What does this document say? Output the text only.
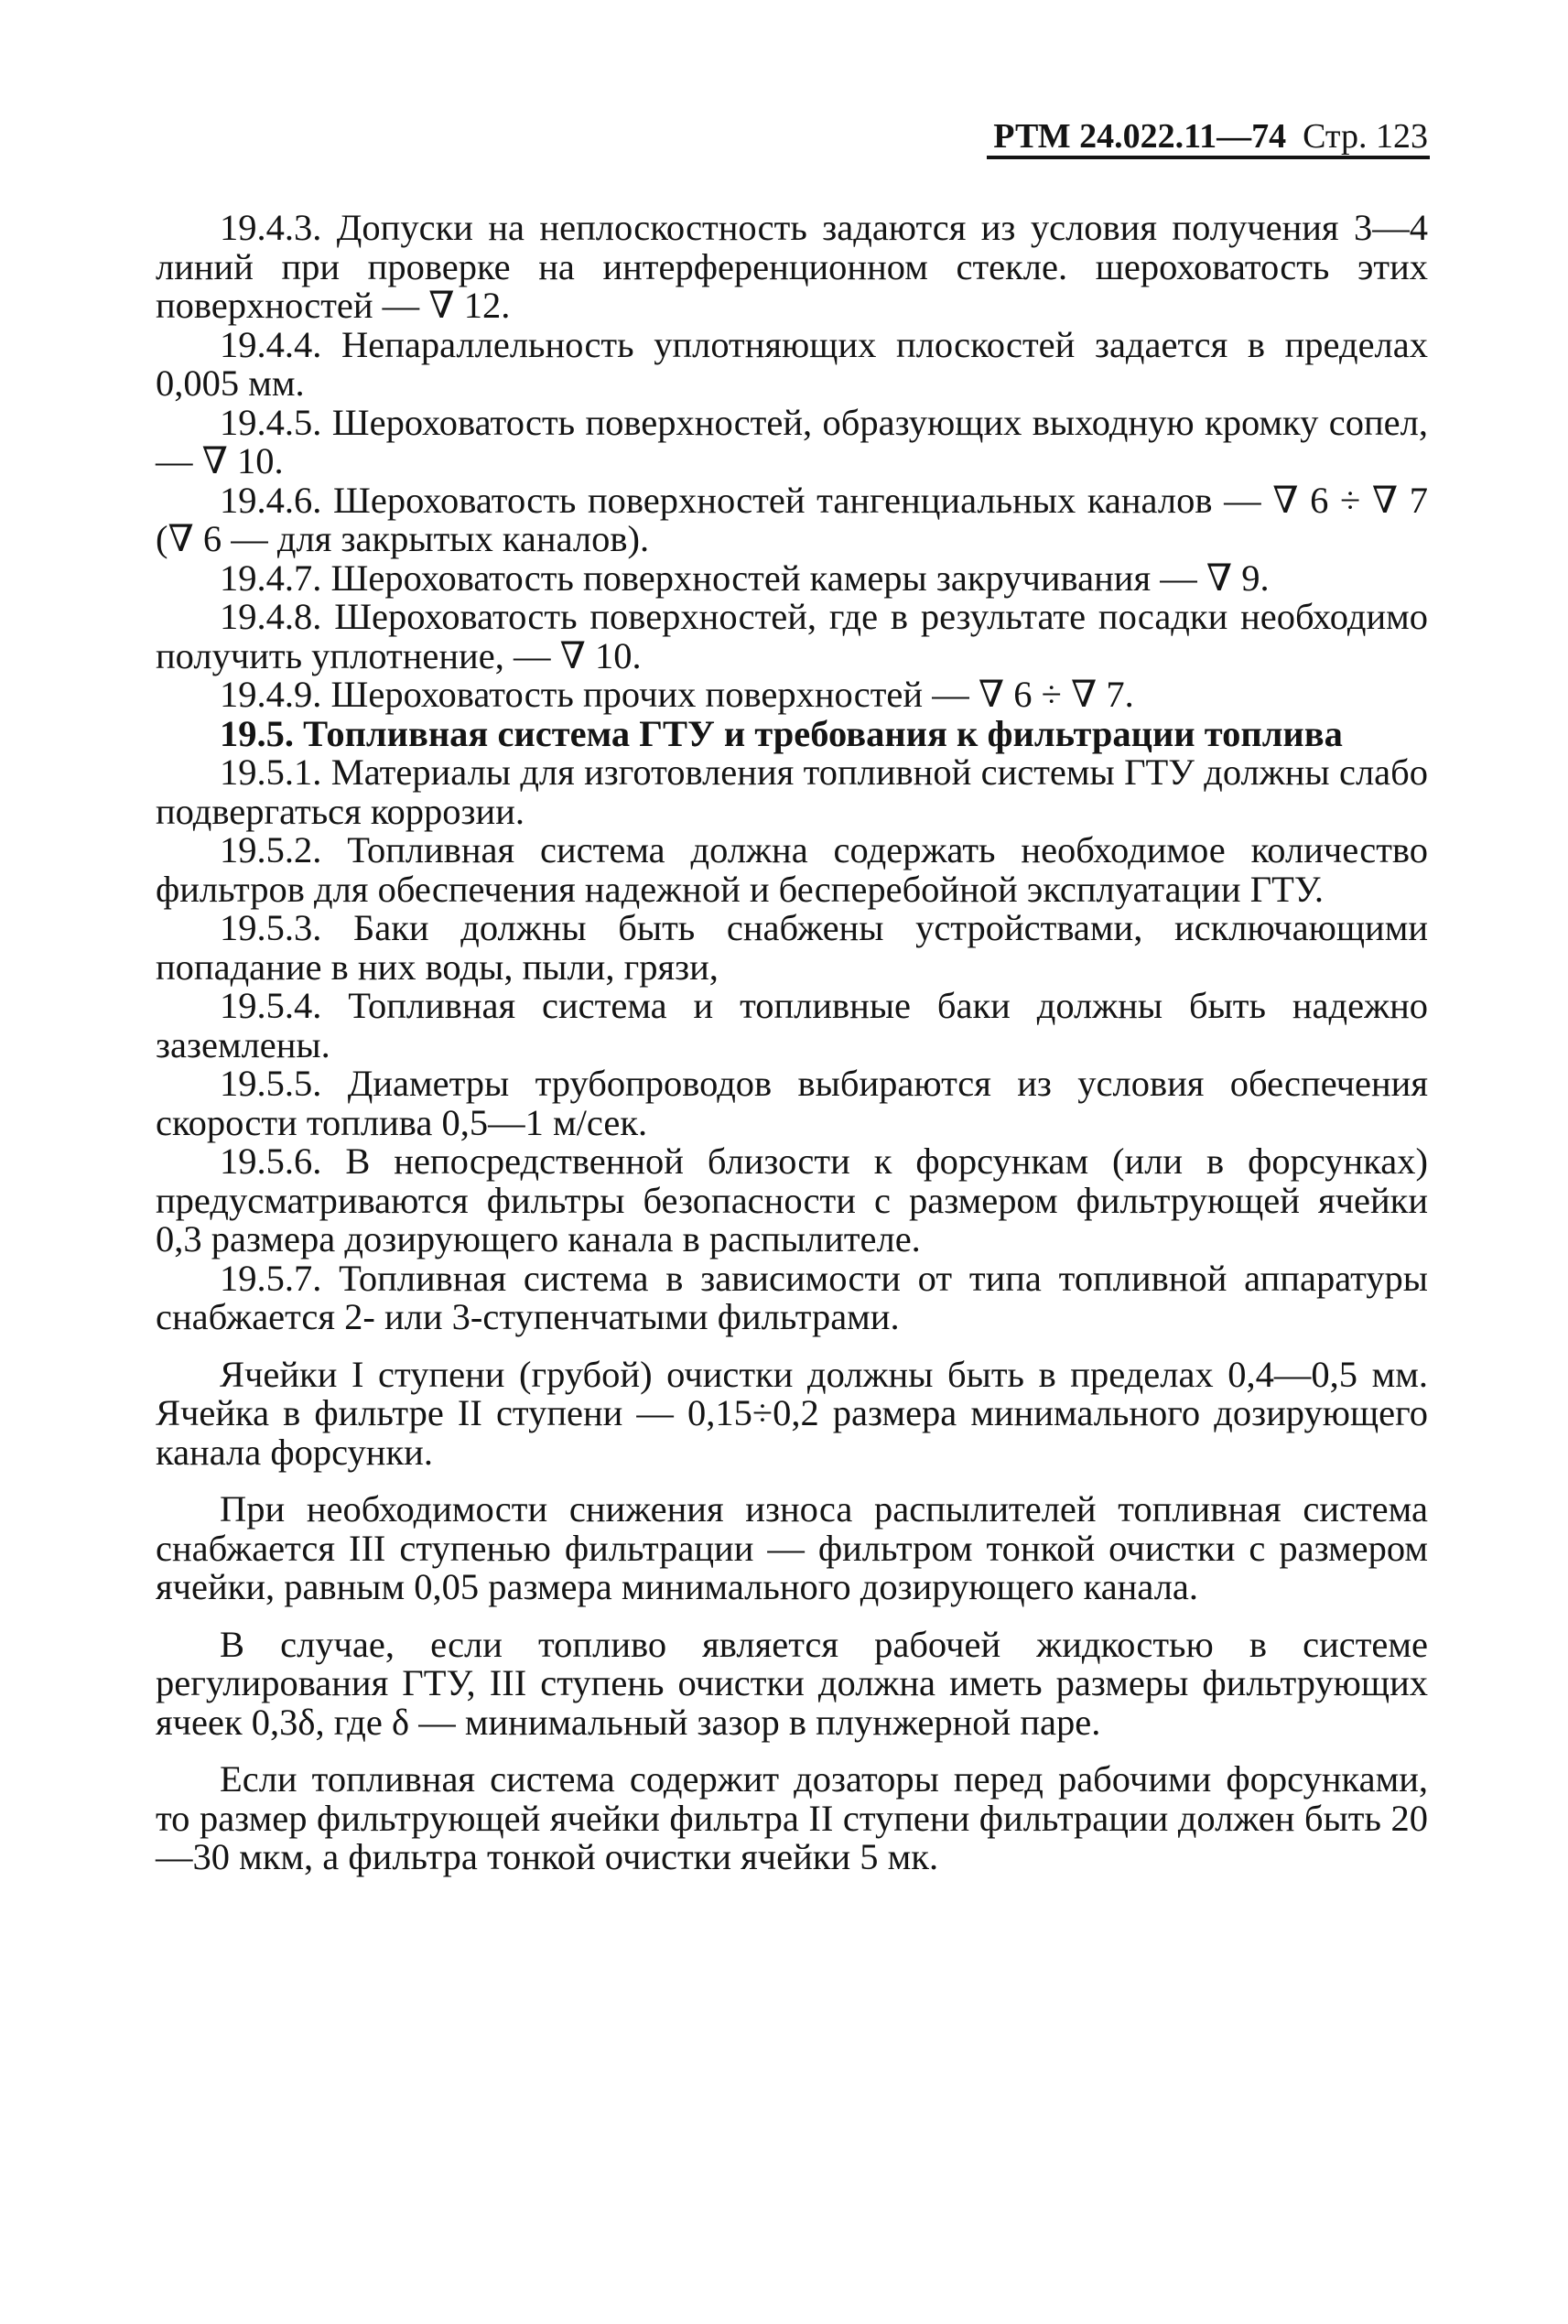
РТМ 24.022.11—74 Стр. 123

19.4.3. Допуски на неплоскостность задаются из условия получения 3—4 линий при проверке на интерференционном стекле. шероховатость этих поверхностей — ∇ 12.

19.4.4. Непараллельность уплотняющих плоскостей задается в пределах 0,005 мм.

19.4.5. Шероховатость поверхностей, образующих выходную кромку сопел, — ∇ 10.

19.4.6. Шероховатость поверхностей тангенциальных каналов — ∇ 6 ÷ ∇ 7 (∇ 6 — для закрытых каналов).

19.4.7. Шероховатость поверхностей камеры закручивания — ∇ 9.

19.4.8. Шероховатость поверхностей, где в результате посадки необходимо получить уплотнение, — ∇ 10.

19.4.9. Шероховатость прочих поверхностей — ∇ 6 ÷ ∇ 7.

19.5. Топливная система ГТУ и требования к фильтрации топлива

19.5.1. Материалы для изготовления топливной системы ГТУ должны слабо подвергаться коррозии.

19.5.2. Топливная система должна содержать необходимое количество фильтров для обеспечения надежной и бесперебойной эксплуатации ГТУ.

19.5.3. Баки должны быть снабжены устройствами, исключающими попадание в них воды, пыли, грязи,

19.5.4. Топливная система и топливные баки должны быть надежно заземлены.

19.5.5. Диаметры трубопроводов выбираются из условия обеспечения скорости топлива 0,5—1 м/сек.

19.5.6. В непосредственной близости к форсункам (или в форсунках) предусматриваются фильтры безопасности с размером фильтрующей ячейки 0,3 размера дозирующего канала в распылителе.

19.5.7. Топливная система в зависимости от типа топливной аппаратуры снабжается 2- или 3-ступенчатыми фильтрами.

Ячейки I ступени (грубой) очистки должны быть в пределах 0,4—0,5 мм. Ячейка в фильтре II ступени — 0,15÷0,2 размера минимального дозирующего канала форсунки.

При необходимости снижения износа распылителей топливная система снабжается III ступенью фильтрации — фильтром тонкой очистки с размером ячейки, равным 0,05 размера минимального дозирующего канала.

В случае, если топливо является рабочей жидкостью в системе регулирования ГТУ, III ступень очистки должна иметь размеры фильтрующих ячеек 0,3δ, где δ — минимальный зазор в плунжерной паре.

Если топливная система содержит дозаторы перед рабочими форсунками, то размер фильтрующей ячейки фильтра II ступени фильтрации должен быть 20—30 мкм, а фильтра тонкой очистки ячейки 5 мк.
